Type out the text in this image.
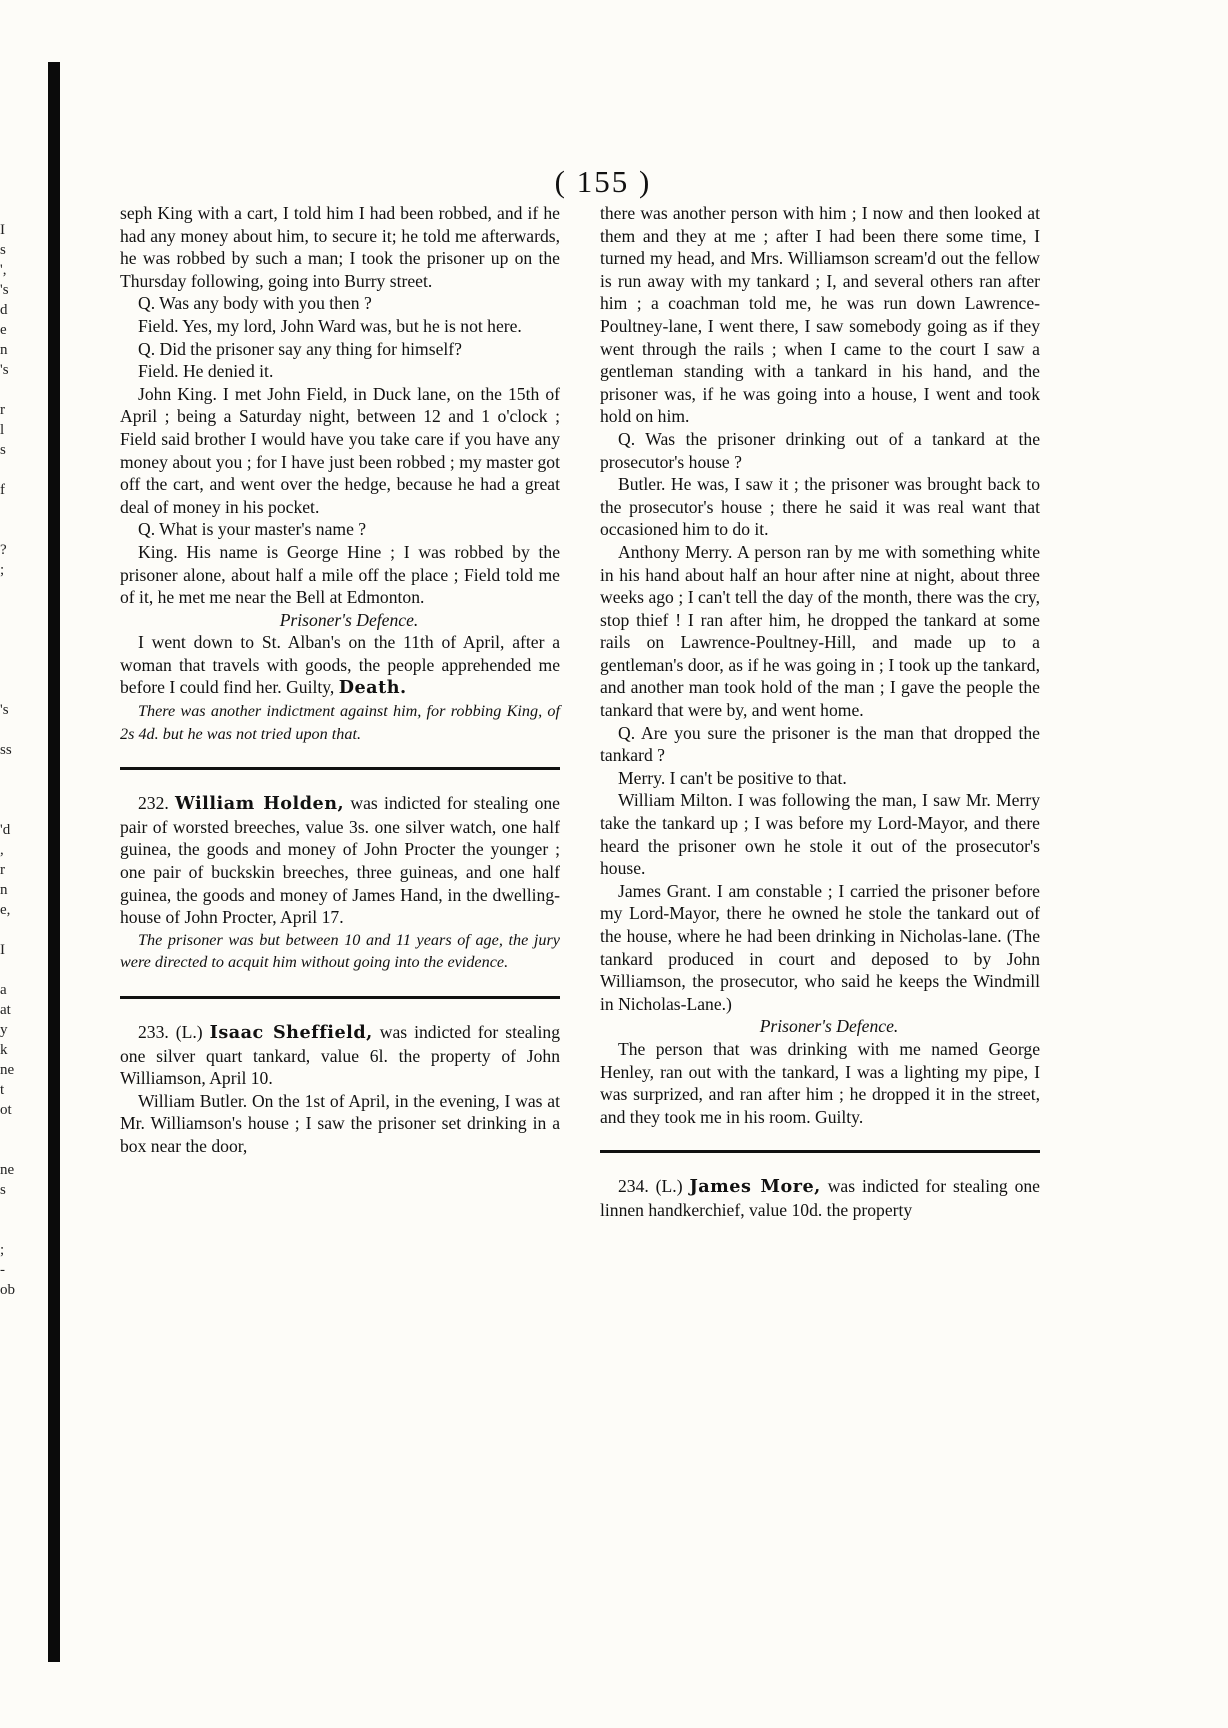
I
s
',
's
d
e
n
's
r
l
s
f
?
;
's
ss
'd
,
r
n
e,
I
a
at
y
k
ne
t
ot
ne
s
;
-
ob
( 155 )

seph King with a cart, I told him I had been robbed, and if he had any money about him, to secure it; he told me afterwards, he was robbed by such a man; I took the prisoner up on the Thursday following, going into Burry street.

Q. Was any body with you then ?

Field. Yes, my lord, John Ward was, but he is not here.

Q. Did the prisoner say any thing for himself?

Field. He denied it.

John King. I met John Field, in Duck lane, on the 15th of April ; being a Saturday night, between 12 and 1 o'clock ; Field said brother I would have you take care if you have any money about you ; for I have just been robbed ; my master got off the cart, and went over the hedge, because he had a great deal of money in his pocket.

Q. What is your master's name ?

King. His name is George Hine ; I was robbed by the prisoner alone, about half a mile off the place ; Field told me of it, he met me near the Bell at Edmonton.

Prisoner's Defence.

I went down to St. Alban's on the 11th of April, after a woman that travels with goods, the people apprehended me before I could find her. Guilty, Death.

There was another indictment against him, for robbing King, of 2s 4d. but he was not tried upon that.

232. William Holden, was indicted for stealing one pair of worsted breeches, value 3s. one silver watch, one half guinea, the goods and money of John Procter the younger ; one pair of buckskin breeches, three guineas, and one half guinea, the goods and money of James Hand, in the dwelling-house of John Procter, April 17.

The prisoner was but between 10 and 11 years of age, the jury were directed to acquit him without going into the evidence.

233. (L.) Isaac Sheffield, was indicted for stealing one silver quart tankard, value 6l. the property of John Williamson, April 10.

William Butler. On the 1st of April, in the evening, I was at Mr. Williamson's house ; I saw the prisoner set drinking in a box near the door,

there was another person with him ; I now and then looked at them and they at me ; after I had been there some time, I turned my head, and Mrs. Williamson scream'd out the fellow is run away with my tankard ; I, and several others ran after him ; a coachman told me, he was run down Lawrence-Poultney-lane, I went there, I saw somebody going as if they went through the rails ; when I came to the court I saw a gentleman standing with a tankard in his hand, and the prisoner was, if he was going into a house, I went and took hold on him.

Q. Was the prisoner drinking out of a tankard at the prosecutor's house ?

Butler. He was, I saw it ; the prisoner was brought back to the prosecutor's house ; there he said it was real want that occasioned him to do it.

Anthony Merry. A person ran by me with something white in his hand about half an hour after nine at night, about three weeks ago ; I can't tell the day of the month, there was the cry, stop thief ! I ran after him, he dropped the tankard at some rails on Lawrence-Poultney-Hill, and made up to a gentleman's door, as if he was going in ; I took up the tankard, and another man took hold of the man ; I gave the people the tankard that were by, and went home.

Q. Are you sure the prisoner is the man that dropped the tankard ?

Merry. I can't be positive to that.

William Milton. I was following the man, I saw Mr. Merry take the tankard up ; I was before my Lord-Mayor, and there heard the prisoner own he stole it out of the prosecutor's house.

James Grant. I am constable ; I carried the prisoner before my Lord-Mayor, there he owned he stole the tankard out of the house, where he had been drinking in Nicholas-lane. (The tankard produced in court and deposed to by John Williamson, the prosecutor, who said he keeps the Windmill in Nicholas-Lane.)

Prisoner's Defence.

The person that was drinking with me named George Henley, ran out with the tankard, I was a lighting my pipe, I was surprized, and ran after him ; he dropped it in the street, and they took me in his room. Guilty.

234. (L.) James More, was indicted for stealing one linnen handkerchief, value 10d. the property
